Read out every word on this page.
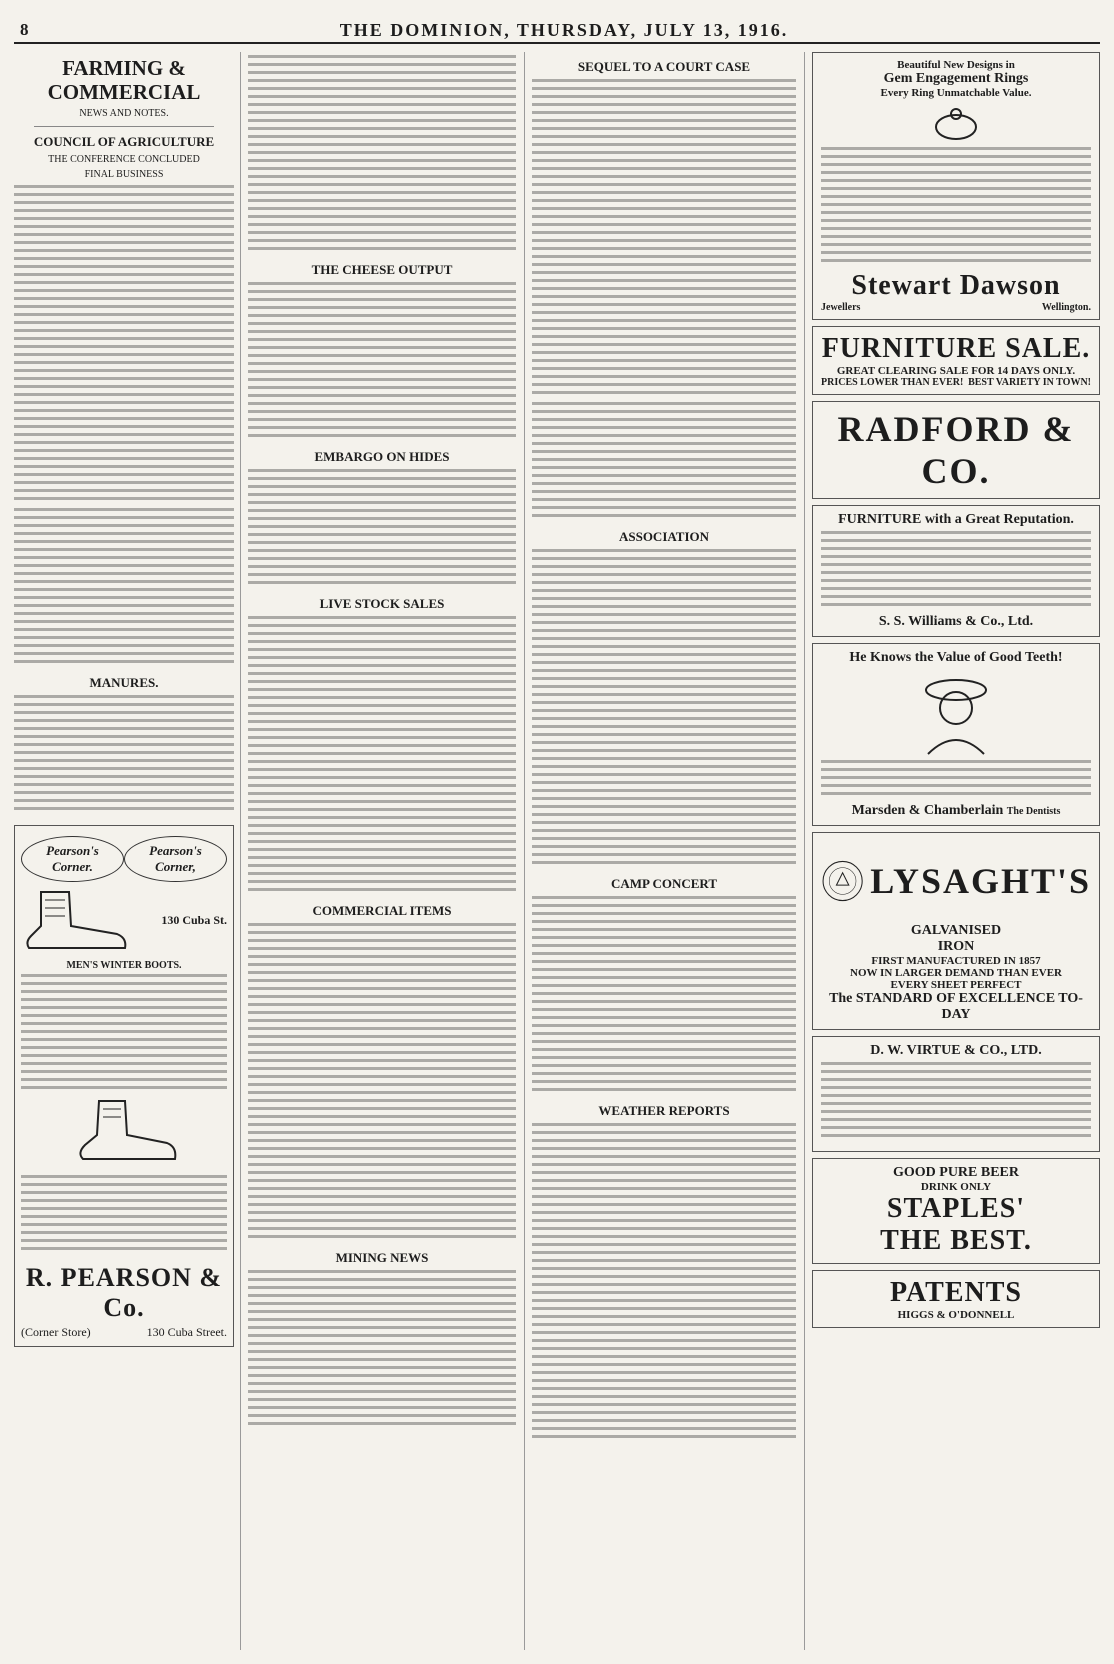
8	THE DOMINION, THURSDAY, JULY 13, 1916.
FARMING & COMMERCIAL
NEWS AND NOTES.
COUNCIL OF AGRICULTURE
THE CONFERENCE CONCLUDED
FINAL BUSINESS
MANURES.
Pearson's Corner.
Pearson's Corner,
130 Cuba St.
MEN'S WINTER BOOTS.
R. PEARSON & Co.
(Corner Store)	130 Cuba Street.
THE CHEESE OUTPUT
EMBARGO ON HIDES
LIVE STOCK SALES
COMMERCIAL ITEMS
MINING NEWS
SEQUEL TO A COURT CASE
ASSOCIATION
CAMP CONCERT
WEATHER REPORTS
Beautiful New Designs in
Gem Engagement Rings
Every Ring Unmatchable Value.
Stewart Dawson
Jewellers	Wellington.
FURNITURE SALE.
GREAT CLEARING SALE FOR 14 DAYS ONLY.
PRICES LOWER THAN EVER! BEST VARIETY IN TOWN!
RADFORD & CO.
FURNITURE with a Great Reputation.
S. S. Williams & Co., Ltd.
He Knows the Value of Good Teeth!
Marsden & Chamberlain The Dentists
LYSAGHT'S
GALVANISED
IRON
FIRST MANUFACTURED IN 1857
NOW IN LARGER DEMAND THAN EVER
EVERY SHEET PERFECT
The STANDARD OF EXCELLENCE TO-DAY
D. W. VIRTUE & CO., LTD.
GOOD PURE BEER
DRINK ONLY
STAPLES'
THE BEST.
PATENTS
HIGGS & O'DONNELL
